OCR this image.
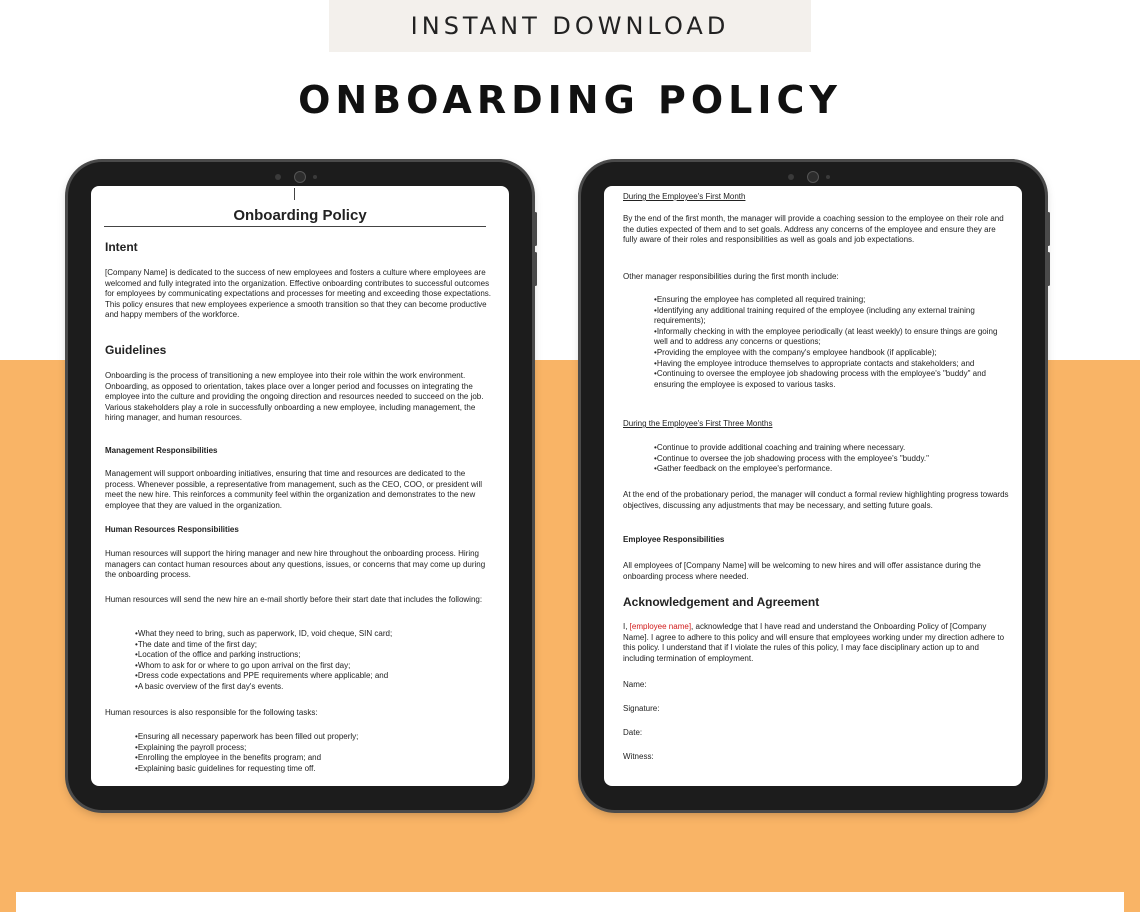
INSTANT DOWNLOAD
ONBOARDING POLICY
Onboarding Policy
Intent

[Company Name] is dedicated to the success of new employees and fosters a culture where employees are welcomed and fully integrated into the organization. Effective onboarding contributes to successful outcomes for employees by communicating expectations and processes for meeting and exceeding those expectations. This policy ensures that new employees experience a smooth transition so that they can become productive and happy members of the workforce.

Guidelines

Onboarding is the process of transitioning a new employee into their role within the work environment. Onboarding, as opposed to orientation, takes place over a longer period and focusses on integrating the employee into the culture and providing the ongoing direction and resources needed to succeed on the job. Various stakeholders play a role in successfully onboarding a new employee, including management, the hiring manager, and human resources.

Management Responsibilities

Management will support onboarding initiatives, ensuring that time and resources are dedicated to the process. Whenever possible, a representative from management, such as the CEO, COO, or president will meet the new hire. This reinforces a community feel within the organization and demonstrates to the new employee that they are valued in the organization.

Human Resources Responsibilities

Human resources will support the hiring manager and new hire throughout the onboarding process. Hiring managers can contact human resources about any questions, issues, or concerns that may come up during the onboarding process.

Human resources will send the new hire an e-mail shortly before their start date that includes the following:

• What they need to bring, such as paperwork, ID, void cheque, SIN card;
• The date and time of the first day;
• Location of the office and parking instructions;
• Whom to ask for or where to go upon arrival on the first day;
• Dress code expectations and PPE requirements where applicable; and
• A basic overview of the first day's events.

Human resources is also responsible for the following tasks:

• Ensuring all necessary paperwork has been filled out properly;
• Explaining the payroll process;
• Enrolling the employee in the benefits program; and
• Explaining basic guidelines for requesting time off.
During the Employee's First Month

By the end of the first month, the manager will provide a coaching session to the employee on their role and the duties expected of them and to set goals. Address any concerns of the employee and ensure they are fully aware of their roles and responsibilities as well as goals and job expectations.

Other manager responsibilities during the first month include:

• Ensuring the employee has completed all required training;
• Identifying any additional training required of the employee (including any external training requirements);
• Informally checking in with the employee periodically (at least weekly) to ensure things are going well and to address any concerns or questions;
• Providing the employee with the company's employee handbook (if applicable);
• Having the employee introduce themselves to appropriate contacts and stakeholders; and
• Continuing to oversee the employee job shadowing process with the employee's "buddy" and ensuring the employee is exposed to various tasks.
During the Employee's First Three Months
• Continue to provide additional coaching and training where necessary.
• Continue to oversee the job shadowing process with the employee's "buddy."
• Gather feedback on the employee's performance.

At the end of the probationary period, the manager will conduct a formal review highlighting progress towards objectives, discussing any adjustments that may be necessary, and setting future goals.

Employee Responsibilities

All employees of [Company Name] will be welcoming to new hires and will offer assistance during the onboarding process where needed.

Acknowledgement and Agreement

I, [employee name], acknowledge that I have read and understand the Onboarding Policy of [Company Name]. I agree to adhere to this policy and will ensure that employees working under my direction adhere to this policy. I understand that if I violate the rules of this policy, I may face disciplinary action up to and including termination of employment.

Name:
Signature:
Date:
Witness:
